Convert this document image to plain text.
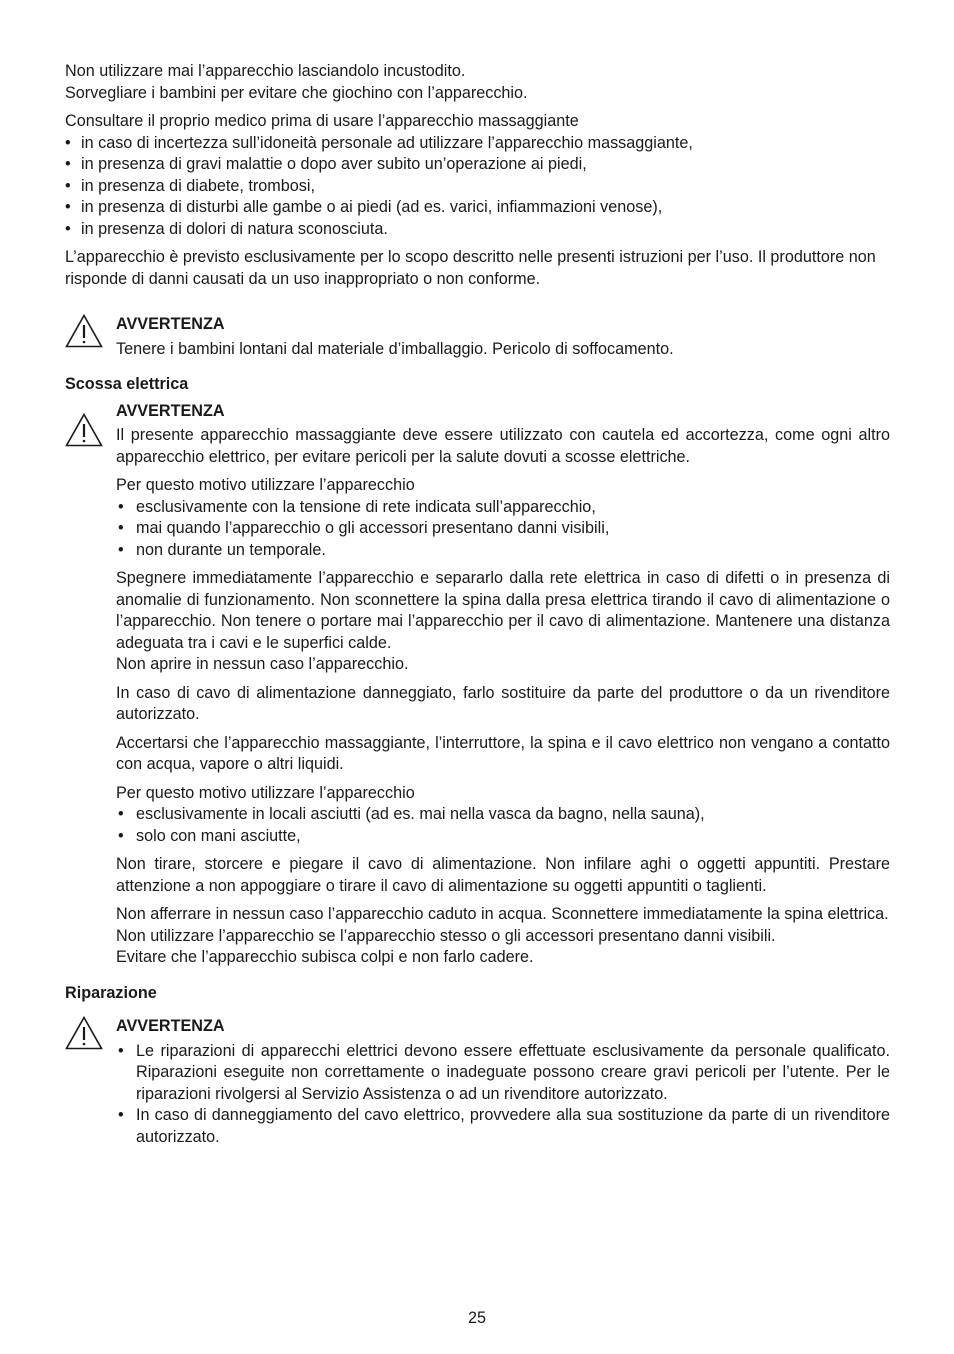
Non utilizzare mai l’apparecchio lasciandolo incustodito.
Sorvegliare i bambini per evitare che giochino con l’apparecchio.

Consultare il proprio medico prima di usare l’apparecchio massaggiante
• in caso di incertezza sull’idoneità personale ad utilizzare l’apparecchio massaggiante,
• in presenza di gravi malattie o dopo aver subito un’operazione ai piedi,
• in presenza di diabete, trombosi,
• in presenza di disturbi alle gambe o ai piedi (ad es. varici, infiammazioni venose),
• in presenza di dolori di natura sconosciuta.

L’apparecchio è previsto esclusivamente per lo scopo descritto nelle presenti istruzioni per l’uso. Il produttore non risponde di danni causati da un uso inappropriato o non conforme.

AVVERTENZA
Tenere i bambini lontani dal materiale d’imballaggio. Pericolo di soffocamento.
Scossa elettrica
AVVERTENZA

Il presente apparecchio massaggiante deve essere utilizzato con cautela ed accortezza, come ogni altro apparecchio elettrico, per evitare pericoli per la salute dovuti a scosse elettriche.

Per questo motivo utilizzare l’apparecchio
• esclusivamente con la tensione di rete indicata sull’apparecchio,
• mai quando l’apparecchio o gli accessori presentano danni visibili,
• non durante un temporale.

Spegnere immediatamente l’apparecchio e separarlo dalla rete elettrica in caso di difetti o in presenza di anomalie di funzionamento. Non sconnettere la spina dalla presa elettrica tirando il cavo di alimentazione o l’apparecchio. Non tenere o portare mai l’apparecchio per il cavo di alimentazione. Mantenere una distanza adeguata tra i cavi e le superfici calde.
Non aprire in nessun caso l’apparecchio.

In caso di cavo di alimentazione danneggiato, farlo sostituire da parte del produttore o da un rivenditore autorizzato.

Accertarsi che l’apparecchio massaggiante, l’interruttore, la spina e il cavo elettrico non vengano a contatto con acqua, vapore o altri liquidi.

Per questo motivo utilizzare l’apparecchio
• esclusivamente in locali asciutti (ad es. mai nella vasca da bagno, nella sauna),
• solo con mani asciutte,

Non tirare, storcere e piegare il cavo di alimentazione. Non infilare aghi o oggetti appuntiti. Prestare attenzione a non appoggiare o tirare il cavo di alimentazione su oggetti appuntiti o taglienti.

Non afferrare in nessun caso l’apparecchio caduto in acqua. Sconnettere immediatamente la spina elettrica.
Non utilizzare l’apparecchio se l’apparecchio stesso o gli accessori presentano danni visibili.
Evitare che l’apparecchio subisca colpi e non farlo cadere.

Riparazione
AVVERTENZA
• Le riparazioni di apparecchi elettrici devono essere effettuate esclusivamente da personale qualificato. Riparazioni eseguite non correttamente o inadeguate possono creare gravi pericoli per l’utente. Per le riparazioni rivolgersi al Servizio Assistenza o ad un rivenditore autorizzato.
• In caso di danneggiamento del cavo elettrico, provvedere alla sua sostituzione da parte di un rivenditore autorizzato.
25
